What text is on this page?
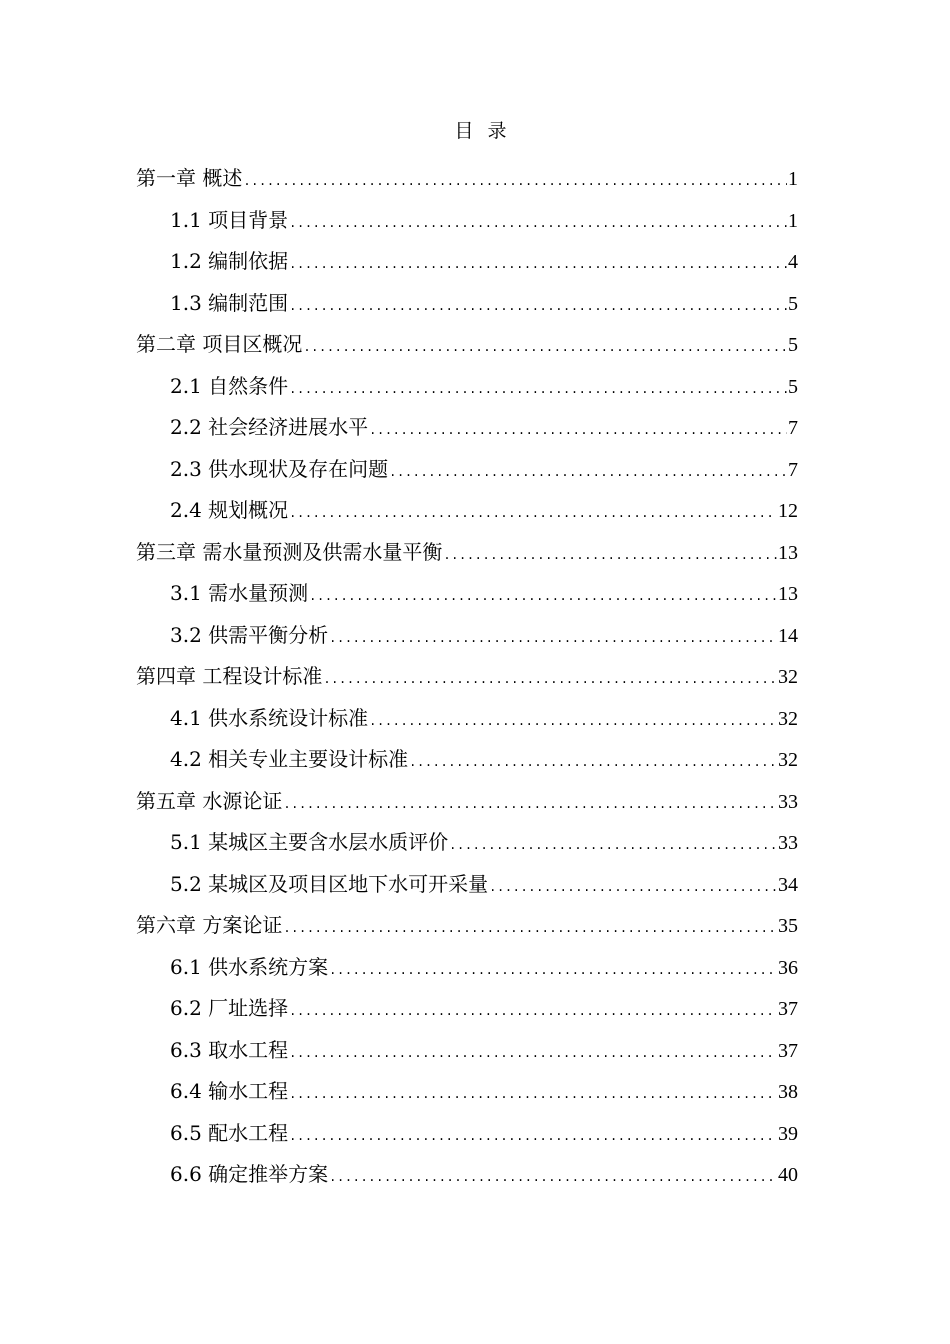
目录
第一章 概述 .....	1
1.1 项目背景 .....	1
1.2 编制依据 .....	4
1.3 编制范围 .....	5
第二章 项目区概况 .....	5
2.1 自然条件 .....	5
2.2 社会经济进展水平 .....	7
2.3 供水现状及存在问题 .....	7
2.4 规划概况 .....	12
第三章 需水量预测及供需水量平衡 .....	13
3.1 需水量预测 .....	13
3.2 供需平衡分析 .....	14
第四章 工程设计标准 .....	32
4.1 供水系统设计标准 .....	32
4.2 相关专业主要设计标准 .....	32
第五章 水源论证 .....	33
5.1 某城区主要含水层水质评价 .....	33
5.2 某城区及项目区地下水可开采量 .....	34
第六章 方案论证 .....	35
6.1 供水系统方案 .....	36
6.2 厂址选择 .....	37
6.3 取水工程 .....	37
6.4 输水工程 .....	38
6.5 配水工程 .....	39
6.6 确定推举方案 .....	40
